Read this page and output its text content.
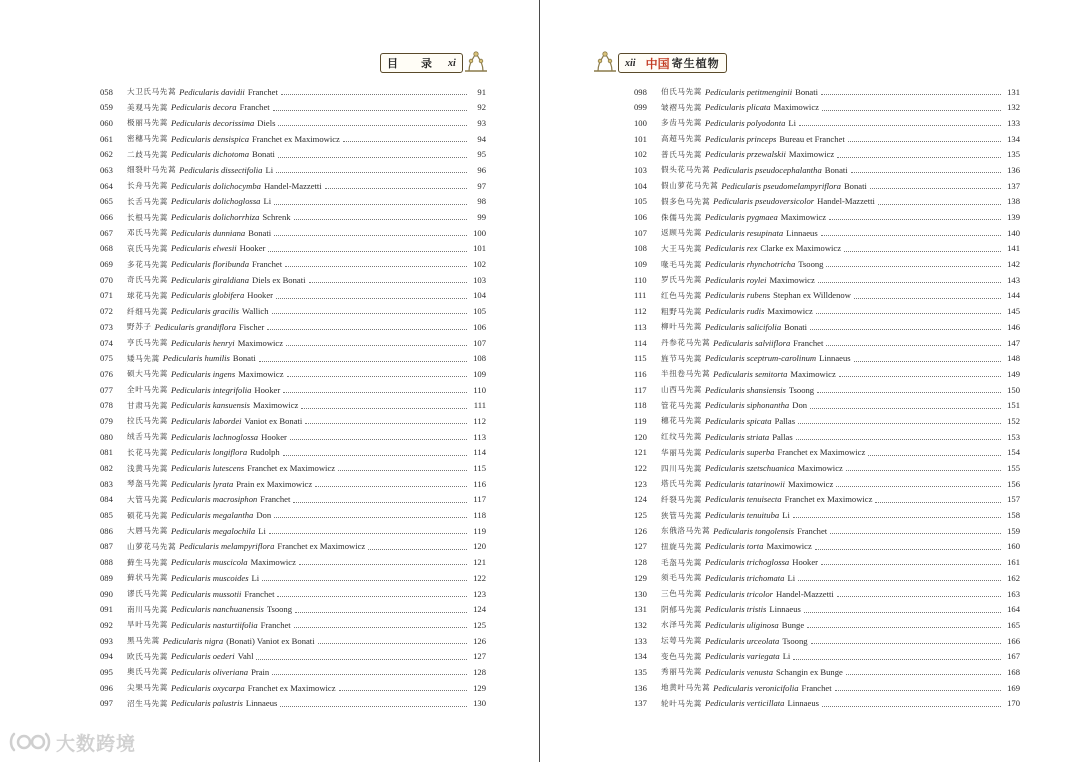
目　录 xi
058	大卫氏马先蒿 Pedicularis davidii Franchet	91
059	美观马先蒿 Pedicularis decora Franchet	92
060	极丽马先蒿 Pedicularis decorissima Diels	93
061	密穗马先蒿 Pedicularis densispica Franchet ex Maximowicz	94
062	二歧马先蒿 Pedicularis dichotoma Bonati	95
063	细裂叶马先蒿 Pedicularis dissectifolia Li	96
064	长舟马先蒿 Pedicularis dolichocymba Handel-Mazzetti	97
065	长舌马先蒿 Pedicularis dolichoglossa Li	98
066	长根马先蒿 Pedicularis dolichorrhiza Schrenk	99
067	邓氏马先蒿 Pedicularis dunniana Bonati	100
068	哀氏马先蒿 Pedicularis elwesii Hooker	101
069	多花马先蒿 Pedicularis floribunda Franchet	102
070	奇氏马先蒿 Pedicularis giraldiana Diels ex Bonati	103
071	球花马先蒿 Pedicularis globifera Hooker	104
072	纤细马先蒿 Pedicularis gracilis Wallich	105
073	野苏子 Pedicularis grandiflora Fischer	106
074	亨氏马先蒿 Pedicularis henryi Maximowicz	107
075	矮马先蒿 Pedicularis humilis Bonati	108
076	硕大马先蒿 Pedicularis ingens Maximowicz	109
077	全叶马先蒿 Pedicularis integrifolia Hooker	110
078	甘肃马先蒿 Pedicularis kansuensis Maximowicz	111
079	拉氏马先蒿 Pedicularis labordei Vaniot ex Bonati	112
080	绒舌马先蒿 Pedicularis lachnoglossa Hooker	113
081	长花马先蒿 Pedicularis longiflora Rudolph	114
082	浅黄马先蒿 Pedicularis lutescens Franchet ex Maximowicz	115
083	琴盔马先蒿 Pedicularis lyrata Prain ex Maximowicz	116
084	大管马先蒿 Pedicularis macrosiphon Franchet	117
085	硕花马先蒿 Pedicularis megalantha Don	118
086	大唇马先蒿 Pedicularis megalochila Li	119
087	山萝花马先蒿 Pedicularis melampyriflora Franchet ex Maximowicz	120
088	藓生马先蒿 Pedicularis muscicola Maximowicz	121
089	藓状马先蒿 Pedicularis muscoides Li	122
090	谬氏马先蒿 Pedicularis mussotii Franchet	123
091	南川马先蒿 Pedicularis nanchuanensis Tsoong	124
092	旱叶马先蒿 Pedicularis nasturtiifolia Franchet	125
093	黑马先蒿 Pedicularis nigra (Bonati) Vaniot ex Bonati	126
094	欧氏马先蒿 Pedicularis oederi Vahl	127
095	奥氏马先蒿 Pedicularis oliveriana Prain	128
096	尖果马先蒿 Pedicularis oxycarpa Franchet ex Maximowicz	129
097	沼生马先蒿 Pedicularis palustris Linnaeus	130
xii 中国 寄生植物
098	伯氏马先蒿 Pedicularis petitmenginii Bonati	131
099	皱褶马先蒿 Pedicularis plicata Maximowicz	132
100	多齿马先蒿 Pedicularis polyodonta Li	133
101	高超马先蒿 Pedicularis princeps Bureau et Franchet	134
102	普氏马先蒿 Pedicularis przewalskii Maximowicz	135
103	假头花马先蒿 Pedicularis pseudocephalantha Bonati	136
104	假山萝花马先蒿 Pedicularis pseudomelampyriflora Bonati	137
105	假多色马先蒿 Pedicularis pseudoversicolor Handel-Mazzetti	138
106	侏儒马先蒿 Pedicularis pygmaea Maximowicz	139
107	返顾马先蒿 Pedicularis resupinata Linnaeus	140
108	大王马先蒿 Pedicularis rex Clarke ex Maximowicz	141
109	喙毛马先蒿 Pedicularis rhynchotricha Tsoong	142
110	罗氏马先蒿 Pedicularis roylei Maximowicz	143
111	红色马先蒿 Pedicularis rubens Stephan ex Willdenow	144
112	粗野马先蒿 Pedicularis rudis Maximowicz	145
113	柳叶马先蒿 Pedicularis salicifolia Bonati	146
114	丹参花马先蒿 Pedicularis salviiflora Franchet	147
115	旌节马先蒿 Pedicularis sceptrum-carolinum Linnaeus	148
116	半扭卷马先蒿 Pedicularis semitorta Maximowicz	149
117	山西马先蒿 Pedicularis shansiensis Tsoong	150
118	管花马先蒿 Pedicularis siphonantha Don	151
119	穗花马先蒿 Pedicularis spicata Pallas	152
120	红纹马先蒿 Pedicularis striata Pallas	153
121	华丽马先蒿 Pedicularis superba Franchet ex Maximowicz	154
122	四川马先蒿 Pedicularis szetschuanica Maximowicz	155
123	塔氏马先蒿 Pedicularis tatarinowii Maximowicz	156
124	纤裂马先蒿 Pedicularis tenuisecta Franchet ex Maximowicz	157
125	狭管马先蒿 Pedicularis tenuituba Li	158
126	东俄洛马先蒿 Pedicularis tongolensis Franchet	159
127	扭旋马先蒿 Pedicularis torta Maximowicz	160
128	毛盔马先蒿 Pedicularis trichoglossa Hooker	161
129	须毛马先蒿 Pedicularis trichomata Li	162
130	三色马先蒿 Pedicularis tricolor Handel-Mazzetti	163
131	阴郁马先蒿 Pedicularis tristis Linnaeus	164
132	水泽马先蒿 Pedicularis uliginosa Bunge	165
133	坛萼马先蒿 Pedicularis urceolata Tsoong	166
134	变色马先蒿 Pedicularis variegata Li	167
135	秀丽马先蒿 Pedicularis venusta Schangin ex Bunge	168
136	地黄叶马先蒿 Pedicularis veronicifolia Franchet	169
137	轮叶马先蒿 Pedicularis verticillata Linnaeus	170
大数跨境
